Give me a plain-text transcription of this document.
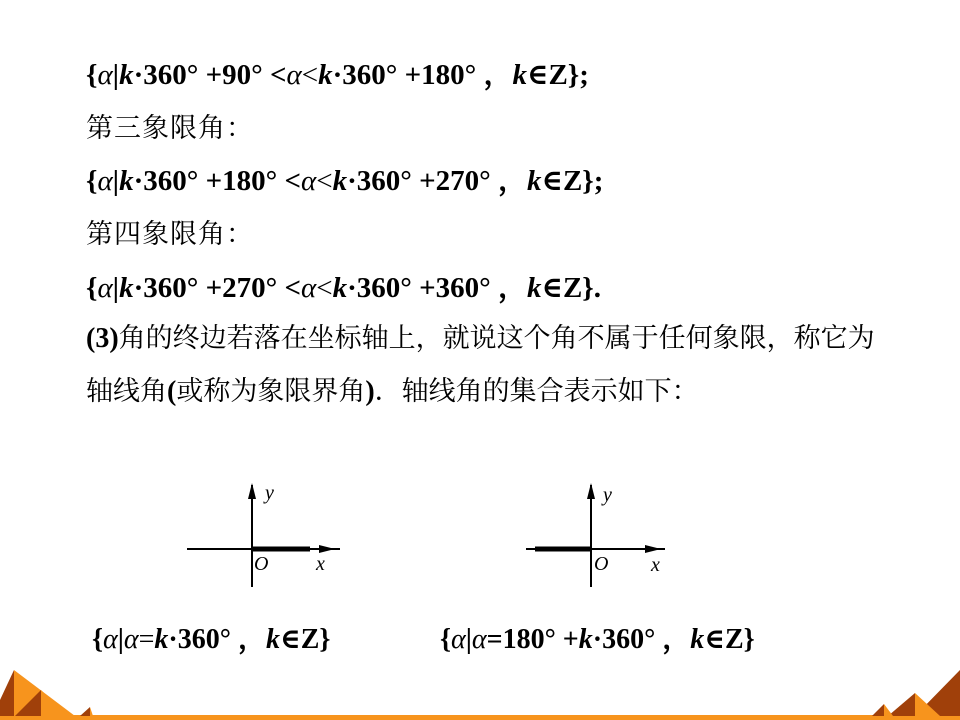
{α|k·360° +90° <α<k·360° +180° ，k∈Z};
第三象限角：
{α|k·360° +180° <α<k·360° +270° ，k∈Z};
第四象限角：
{α|k·360° +270° <α<k·360° +360° ，k∈Z}.
(3)角的终边若落在坐标轴上，就说这个角不属于任何象限，称它为轴线角(或称为象限界角)．轴线角的集合表示如下：
y
x
O
y
x
O
{α|α=k·360° ，k∈Z}	{α|α=180° +k·360° ，k∈Z}
